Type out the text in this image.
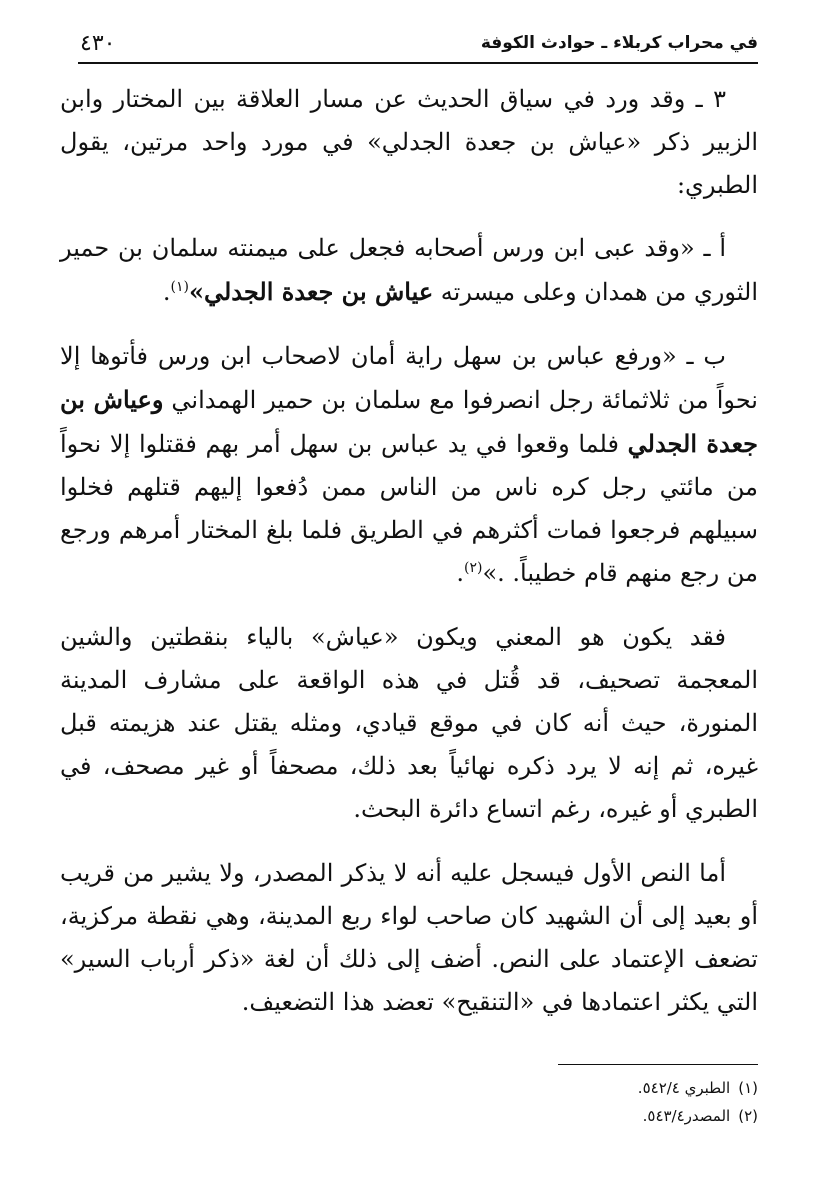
في محراب كربلاء ـ حوادث الكوفة
٤٣٠

٣ ـ وقد ورد في سياق الحديث عن مسار العلاقة بين المختار وابن الزبير ذكر «عياش بن جعدة الجدلي» في مورد واحد مرتين، يقول الطبري:

أ ـ «وقد عبى ابن ورس أصحابه فجعل على ميمنته سلمان بن حمير الثوري من همدان وعلى ميسرته عياش بن جعدة الجدلي»$^{(١)}$.

ب ـ «ورفع عباس بن سهل راية أمان لاصحاب ابن ورس فأتوها إلا نحواً من ثلاثمائة رجل انصرفوا مع سلمان بن حمير الهمداني وعياش بن جعدة الجدلي فلما وقعوا في يد عباس بن سهل أمر بهم فقتلوا إلا نحواً من مائتي رجل كره ناس من الناس ممن دُفعوا إليهم قتلهم فخلوا سبيلهم فرجعوا فمات أكثرهم في الطريق فلما بلغ المختار أمرهم ورجع من رجع منهم قام خطيباً. .»$^{(٢)}$.

فقد يكون هو المعني ويكون «عياش» بالياء بنقطتين والشين المعجمة تصحيف، قد قُتل في هذه الواقعة على مشارف المدينة المنورة، حيث أنه كان في موقع قيادي، ومثله يقتل عند هزيمته قبل غيره، ثم إنه لا يرد ذكره نهائياً بعد ذلك، مصحفاً أو غير مصحف، في الطبري أو غيره، رغم اتساع دائرة البحث.

أما النص الأول فيسجل عليه أنه لا يذكر المصدر، ولا يشير من قريب أو بعيد إلى أن الشهيد كان صاحب لواء ربع المدينة، وهي نقطة مركزية، تضعف الإعتماد على النص. أضف إلى ذلك أن لغة «ذكر أرباب السير» التي يكثر اعتمادها في «التنقيح» تعضد هذا التضعيف.

(١)الطبري ٥٤٢/٤.
(٢)المصدر٥٤٣/٤.
